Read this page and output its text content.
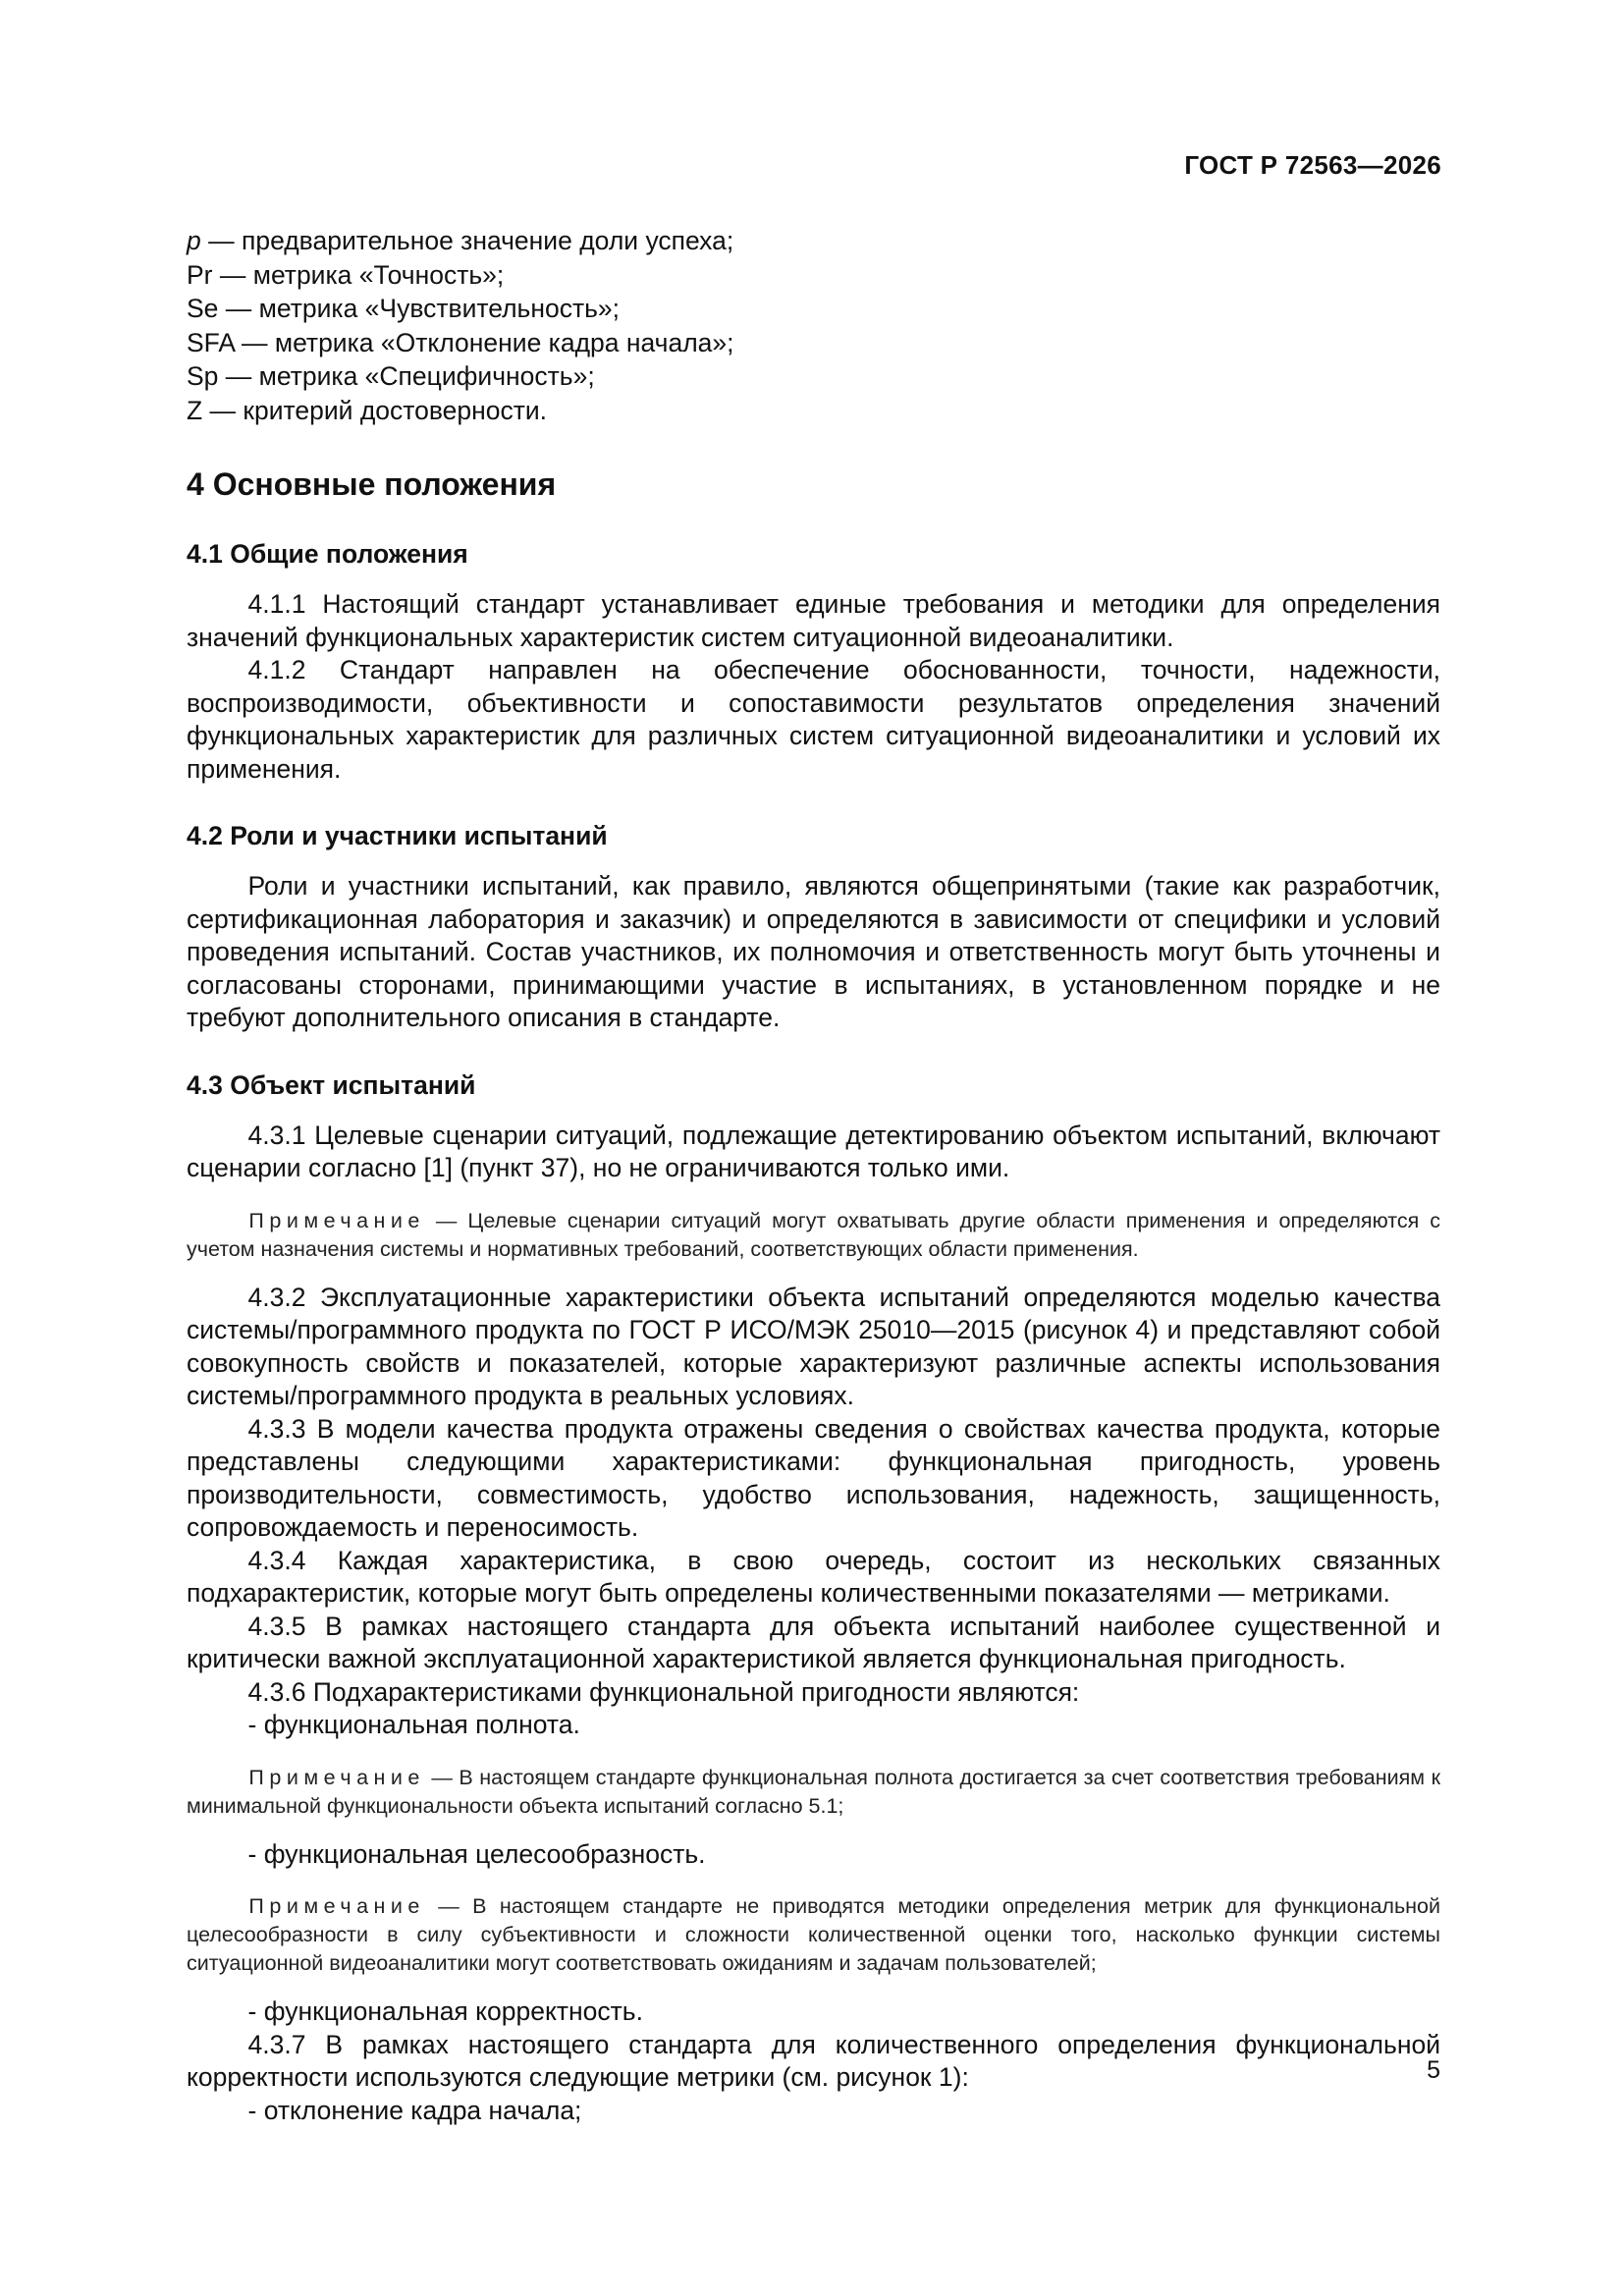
ГОСТ Р 72563—2026
p — предварительное значение доли успеха;
Pr — метрика «Точность»;
Se — метрика «Чувствительность»;
SFA — метрика «Отклонение кадра начала»;
Sp — метрика «Специфичность»;
Z — критерий достоверности.
4 Основные положения
4.1 Общие положения

4.1.1 Настоящий стандарт устанавливает единые требования и методики для определения значений функциональных характеристик систем ситуационной видеоаналитики.

4.1.2 Стандарт направлен на обеспечение обоснованности, точности, надежности, воспроизводимости, объективности и сопоставимости результатов определения значений функциональных характеристик для различных систем ситуационной видеоаналитики и условий их применения.

4.2 Роли и участники испытаний

Роли и участники испытаний, как правило, являются общепринятыми (такие как разработчик, сертификационная лаборатория и заказчик) и определяются в зависимости от специфики и условий проведения испытаний. Состав участников, их полномочия и ответственность могут быть уточнены и согласованы сторонами, принимающими участие в испытаниях, в установленном порядке и не требуют дополнительного описания в стандарте.

4.3 Объект испытаний

4.3.1 Целевые сценарии ситуаций, подлежащие детектированию объектом испытаний, включают сценарии согласно [1] (пункт 37), но не ограничиваются только ими.

Примечание — Целевые сценарии ситуаций могут охватывать другие области применения и определяются с учетом назначения системы и нормативных требований, соответствующих области применения.

4.3.2 Эксплуатационные характеристики объекта испытаний определяются моделью качества системы/программного продукта по ГОСТ Р ИСО/МЭК 25010—2015 (рисунок 4) и представляют собой совокупность свойств и показателей, которые характеризуют различные аспекты использования системы/программного продукта в реальных условиях.

4.3.3 В модели качества продукта отражены сведения о свойствах качества продукта, которые представлены следующими характеристиками: функциональная пригодность, уровень производительности, совместимость, удобство использования, надежность, защищенность, сопровождаемость и переносимость.

4.3.4 Каждая характеристика, в свою очередь, состоит из нескольких связанных подхарактеристик, которые могут быть определены количественными показателями — метриками.

4.3.5 В рамках настоящего стандарта для объекта испытаний наиболее существенной и критически важной эксплуатационной характеристикой является функциональная пригодность.

4.3.6 Подхарактеристиками функциональной пригодности являются:

- функциональная полнота.

Примечание — В настоящем стандарте функциональная полнота достигается за счет соответствия требованиям к минимальной функциональности объекта испытаний согласно 5.1;

- функциональная целесообразность.

Примечание — В настоящем стандарте не приводятся методики определения метрик для функциональной целесообразности в силу субъективности и сложности количественной оценки того, насколько функции системы ситуационной видеоаналитики могут соответствовать ожиданиям и задачам пользователей;

- функциональная корректность.

4.3.7 В рамках настоящего стандарта для количественного определения функциональной корректности используются следующие метрики (см. рисунок 1):

- отклонение кадра начала;
5
